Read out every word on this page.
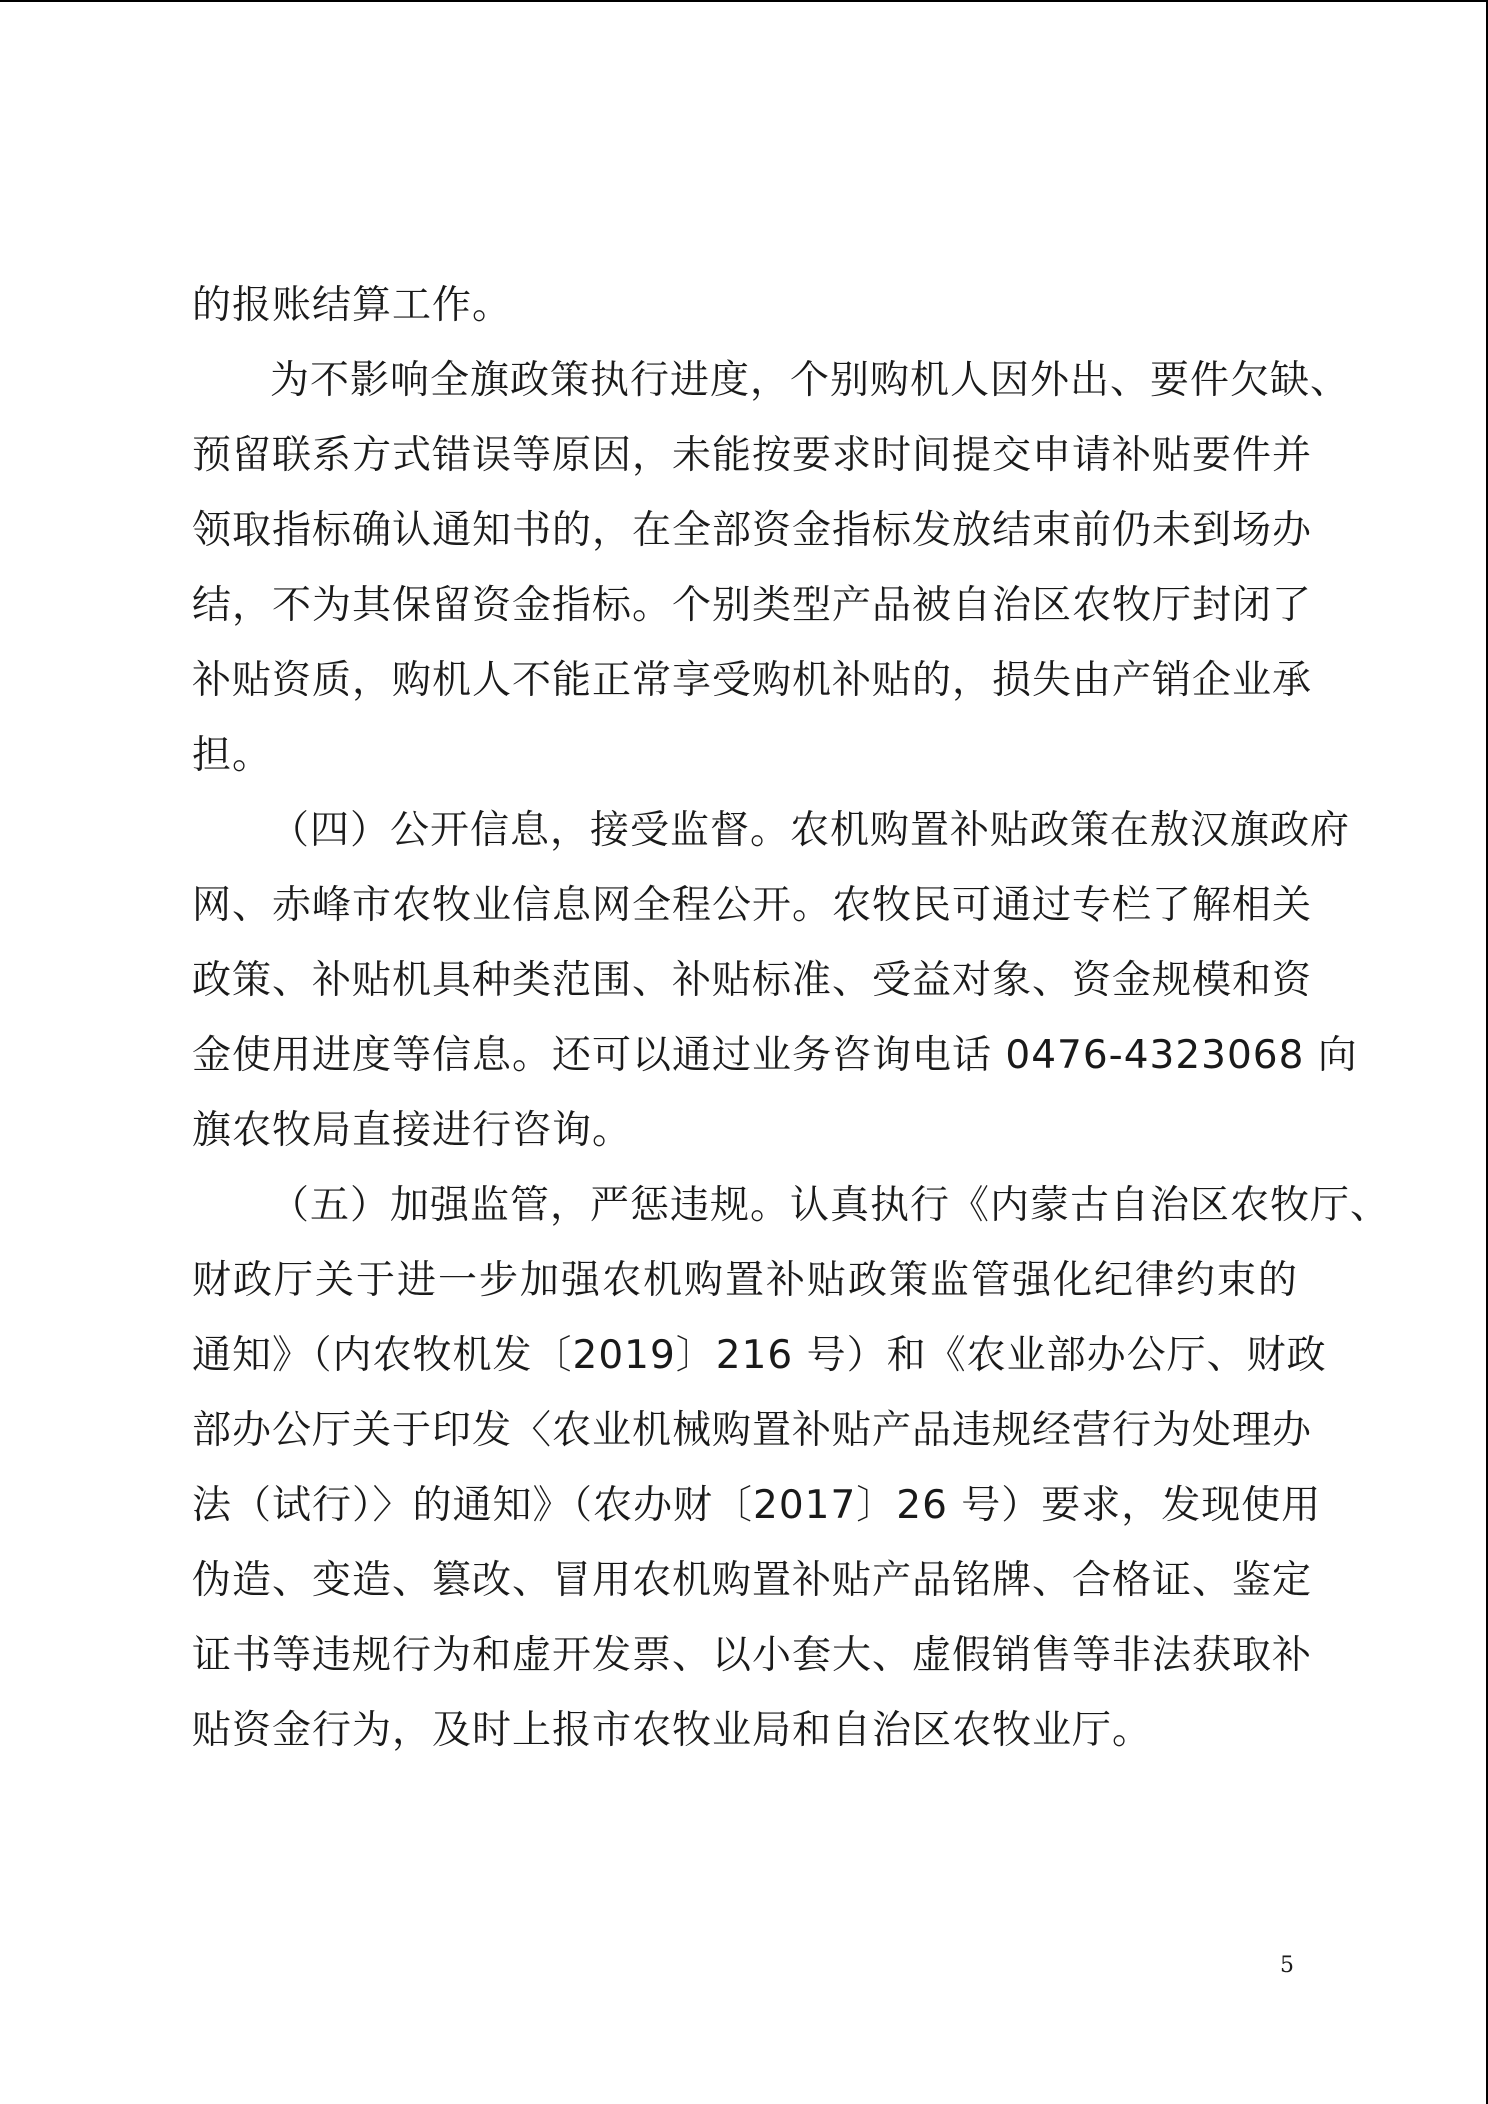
的报账结算工作。
为不影响全旗政策执行进度，个别购机人因外出、要件欠缺、
预留联系方式错误等原因，未能按要求时间提交申请补贴要件并
领取指标确认通知书的，在全部资金指标发放结束前仍未到场办
结，不为其保留资金指标。个别类型产品被自治区农牧厅封闭了
补贴资质，购机人不能正常享受购机补贴的，损失由产销企业承
担。
（四）公开信息，接受监督。农机购置补贴政策在敖汉旗政府
网、赤峰市农牧业信息网全程公开。农牧民可通过专栏了解相关
政策、补贴机具种类范围、补贴标准、受益对象、资金规模和资
金使用进度等信息。还可以通过业务咨询电话 0476-4323068 向
旗农牧局直接进行咨询。
（五）加强监管，严惩违规。认真执行《内蒙古自治区农牧厅、
财政厅关于进一步加强农机购置补贴政策监管强化纪律约束的
通知》（内农牧机发〔2019〕216 号）和《农业部办公厅、财政
部办公厅关于印发〈农业机械购置补贴产品违规经营行为处理办
法（试行）〉的通知》（农办财〔2017〕26 号）要求，发现使用
伪造、变造、篡改、冒用农机购置补贴产品铭牌、合格证、鉴定
证书等违规行为和虚开发票、以小套大、虚假销售等非法获取补
贴资金行为，及时上报市农牧业局和自治区农牧业厅。
5
